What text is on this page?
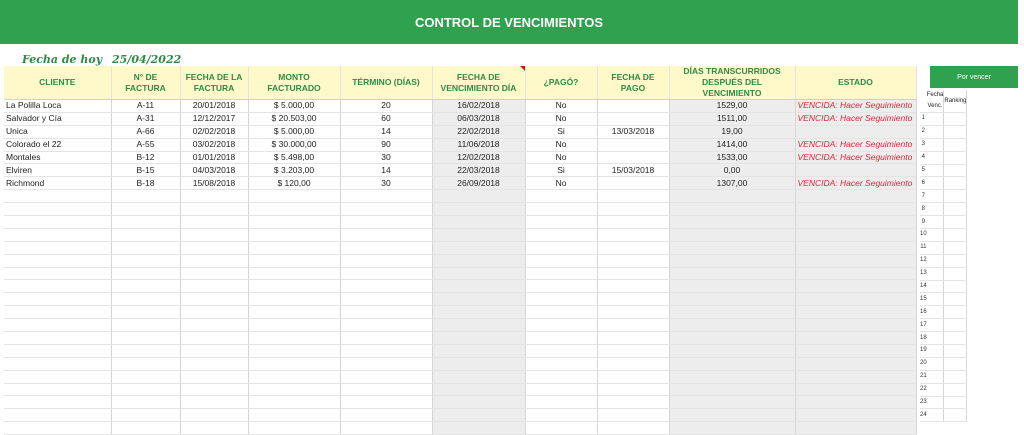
CONTROL DE VENCIMIENTOS
Fecha de hoy 25/04/2022
CLIENTE	N° DE FACTURA	FECHA DE LA FACTURA	MONTO FACTURADO	TÉRMINO (DÍAS)	FECHA DE VENCIMIENTO DÍA	¿PAGÓ?	FECHA DE PAGO	DÍAS TRANSCURRIDOS DESPUÉS DEL VENCIMIENTO	ESTADO
La Polilla Loca	A-11	20/01/2018	$ 5.000,00	20	16/02/2018	No		1529,00	VENCIDA: Hacer Seguimiento
Salvador y Cía	A-31	12/12/2017	$ 20.503,00	60	06/03/2018	No		1511,00	VENCIDA: Hacer Seguimiento
Unica	A-66	02/02/2018	$ 5.000,00	14	22/02/2018	Si	13/03/2018	19,00	
Colorado el 22	A-55	03/02/2018	$ 30.000,00	90	11/06/2018	No		1414,00	VENCIDA: Hacer Seguimiento
Montales	B-12	01/01/2018	$ 5.498,00	30	12/02/2018	No		1533,00	VENCIDA: Hacer Seguimiento
Elviren	B-15	04/03/2018	$ 3.203,00	14	22/03/2018	Si	15/03/2018	0,00	
Richmond	B-18	15/08/2018	$ 120,00	30	26/09/2018	No		1307,00	VENCIDA: Hacer Seguimiento

Por vencer
	Fecha Venc.	Ranking
1		
2		
3		
4		
5		
6		
7		
8		
9		
10		
11		
12		
13		
14		
15		
16		
17		
18		
19		
20		
21		
22		
23		
24		
